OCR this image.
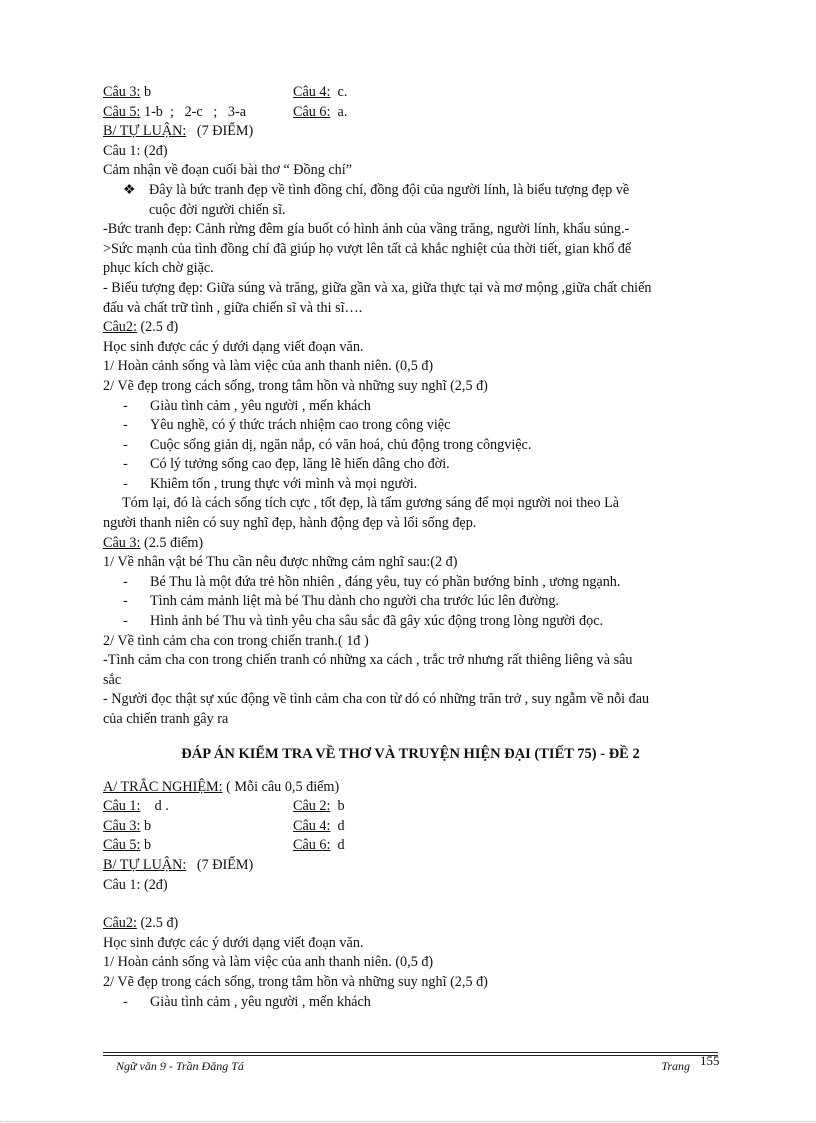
Câu 3: b	Câu 4:  c.
Câu 5: 1-b  ;   2-c   ;   3-a	Câu 6:  a.
B/ TỰ LUẬN:   (7 ĐIỂM)
Câu 1: (2đ)
Cảm nhận về đoạn cuối bài thơ “ Đồng chí”
❖ Đây là bức tranh đẹp về tình đồng chí, đồng đội của người lính, là biểu tượng đẹp về
cuộc đời người chiến sĩ.
-Bức tranh đẹp: Cảnh rừng đêm gía buốt có hình ảnh của vầng trăng, người lính, khẩu súng.-
>Sức mạnh của tình đồng chí đã giúp họ vượt lên tất cả khắc nghiệt của thời tiết, gian khổ để
phục kích chờ giặc.
- Biểu tượng đẹp: Giữa súng và trăng, giữa gần và xa, giữa thực tại và mơ mộng ,giữa chất chiến
đấu và chất trữ tình , giữa chiến sĩ và thi sĩ….
Câu2: (2.5 đ)
Học sinh được các ý dưới dạng viết đoạn văn.
1/ Hoàn cảnh sống và làm việc của anh thanh niên. (0,5 đ)
2/ Vẽ đẹp trong cách sống, trong tâm hồn và những suy nghĩ (2,5 đ)
- Giàu tình cảm , yêu người , mến khách
- Yêu nghề, có ý thức trách nhiệm cao trong công việc
- Cuộc sống giản dị, ngăn nắp, có văn hoá, chủ động trong côngviệc.
- Có lý tưởng sống cao đẹp, lăng lẽ hiến dâng cho đời.
- Khiêm tốn , trung thực với mình và mọi người.
Tóm lại, đó là cách sống tích cực , tốt đẹp, là tấm gương sáng để mọi người noi theo Là
người thanh niên có suy nghĩ đẹp, hành động đẹp và lối sống đẹp.
Câu 3: (2.5 điểm)
1/ Về nhân vật bé Thu cần nêu được những cảm nghĩ sau:(2 đ)
- Bé Thu là một đứa trẻ hồn nhiên , đáng yêu, tuy có phần bướng bỉnh , ương ngạnh.
- Tình cảm mảnh liệt mà bé Thu dành cho người cha trước lúc lên đường.
- Hình ảnh bé Thu và tình yêu cha sâu sắc đã gây xúc động trong lòng người đọc.
2/ Về tình cảm cha con trong chiến tranh.( 1đ )
-Tình cảm cha con trong chiến tranh có những xa cách , trắc trở nhưng rất thiêng liêng và sâu
sắc
- Người đọc thật sự xúc động về tình cảm cha con từ dó có những trăn trở , suy ngẫm về nỗi đau
của chiến tranh gây ra
ĐÁP ÁN KIỂM TRA VỀ THƠ VÀ TRUYỆN HIỆN ĐẠI (TIẾT 75) - ĐỀ 2
A/ TRẮC NGHIỆM: ( Mỗi câu 0,5 điểm)
Câu 1:    d .	Câu 2:  b
Câu 3: b	Câu 4:  d
Câu 5: b	Câu 6:  d
B/ TỰ LUẬN:   (7 ĐIỂM)
Câu 1: (2đ)
Câu2: (2.5 đ)
Học sinh được các ý dưới dạng viết đoạn văn.
1/ Hoàn cảnh sống và làm việc của anh thanh niên. (0,5 đ)
2/ Vẽ đẹp trong cách sống, trong tâm hồn và những suy nghĩ (2,5 đ)
- Giàu tình cảm , yêu người , mến khách
Ngữ văn 9 - Trần Đăng Tá	Trang 155
